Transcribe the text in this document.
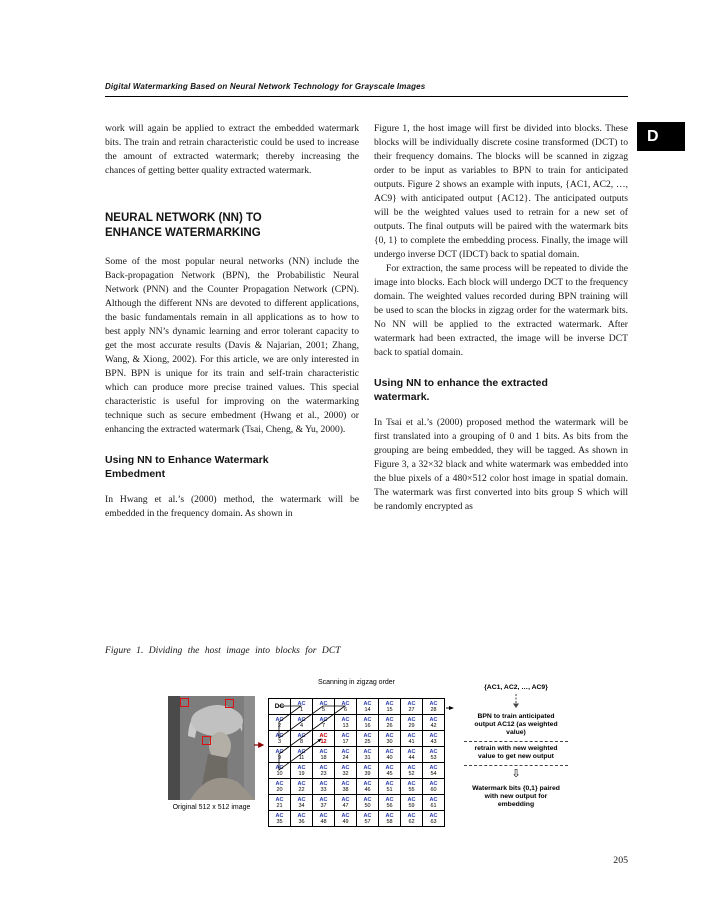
Digital Watermarking Based on Neural Network Technology for Grayscale Images
D

work will again be applied to extract the embedded watermark bits. The train and retrain characteristic could be used to increase the amount of extracted watermark; thereby increasing the chances of getting better quality extracted watermark.

NEURAL NETWORK (NN) TO ENHANCE WATERMARKING

Some of the most popular neural networks (NN) include the Back-propagation Network (BPN), the Probabilistic Neural Network (PNN) and the Counter Propagation Network (CPN). Although the different NNs are devoted to different applications, the basic fundamentals remain in all applications as to how to best apply NN’s dynamic learning and error tolerant capacity to get the most accurate results (Davis & Najarian, 2001; Zhang, Wang, & Xiong, 2002). For this article, we are only interested in BPN. BPN is unique for its train and self-train characteristic which can produce more precise trained values. This special characteristic is useful for improving on the watermarking technique such as secure embedment (Hwang et al., 2000) or enhancing the extracted watermark (Tsai, Cheng, & Yu, 2000).

Using NN to Enhance Watermark Embedment

In Hwang et al.’s (2000) method, the watermark will be embedded in the frequency domain. As shown in

Figure 1, the host image will first be divided into blocks. These blocks will be individually discrete cosine transformed (DCT) to their frequency domains. The blocks will be scanned in zigzag order to be input as variables to BPN to train for anticipated outputs. Figure 2 shows an example with inputs, {AC1, AC2, …, AC9} with anticipated output {AC12}. The anticipated outputs will be the weighted values used to retrain for a new set of outputs. The final outputs will be paired with the watermark bits {0, 1} to complete the embedding process. Finally, the image will undergo inverse DCT (IDCT) back to spatial domain.

For extraction, the same process will be repeated to divide the image into blocks. Each block will undergo DCT to the frequency domain. The weighted values recorded during BPN training will be used to scan the blocks in zigzag order for the watermark bits. No NN will be applied to the extracted watermark. After watermark had been extracted, the image will be inverse DCT back to spatial domain.

Using NN to enhance the extracted watermark.

In Tsai et al.’s (2000) proposed method the watermark will be first translated into a grouping of 0 and 1 bits. As bits from the grouping are being embedded, they will be tagged. As shown in Figure 3, a 32×32 black and white watermark was embedded into the blue pixels of a 480×512 color host image in spatial domain. The watermark was first converted into bits group S which will be randomly encrypted as

Figure 1. Dividing the host image into blocks for DCT
Scanning in zigzag order
Original 512 x 512 image
DC	AC
1
AC
5
AC
6
AC
14
AC
15
AC
27
AC
28
AC
2
AC
4
AC
7
AC
13
AC
16
AC
26
AC
29
AC
42
AC
3
AC
8
AC
12
AC
17
AC
25
AC
30
AC
41
AC
43
AC
9
AC
11
AC
18
AC
24
AC
31
AC
40
AC
44
AC
53
AC
10
AC
19
AC
23
AC
32
AC
39
AC
45
AC
52
AC
54
AC
20
AC
22
AC
33
AC
38
AC
46
AC
51
AC
55
AC
60
AC
21
AC
34
AC
37
AC
47
AC
50
AC
56
AC
59
AC
61
AC
35
AC
36
AC
48
AC
49
AC
57
AC
58
AC
62
AC
63
{AC1, AC2, …, AC9}
BPN to train anticipated output AC12 (as weighted value)
retrain with new weighted value to get new output
⇩
Watermark bits {0,1} paired with new output for embedding
205
